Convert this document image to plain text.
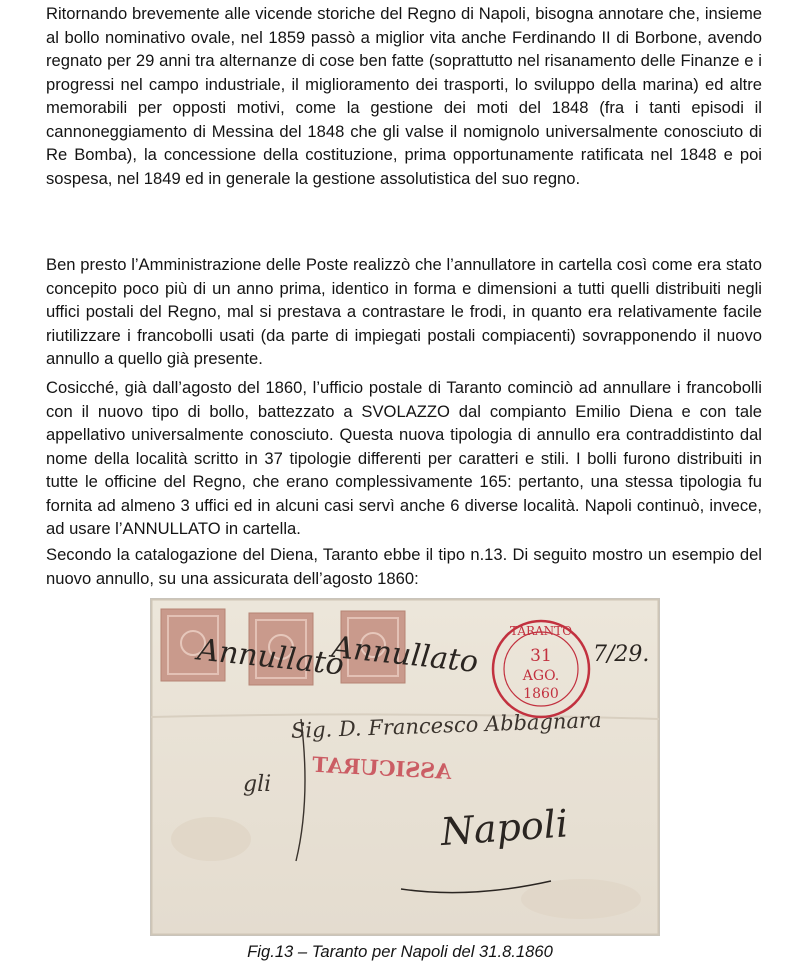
Ritornando brevemente alle vicende storiche del Regno di Napoli, bisogna annotare che, insieme al bollo nominativo ovale, nel 1859 passò a miglior vita anche Ferdinando II di Borbone, avendo regnato per 29 anni tra alternanze di cose ben fatte (soprattutto nel risanamento delle Finanze e i progressi nel campo industriale, il miglioramento dei trasporti, lo sviluppo della marina) ed altre memorabili per opposti motivi, come la gestione dei moti del 1848 (fra i tanti episodi il cannoneggiamento di Messina del 1848 che gli valse il nomignolo universalmente conosciuto di Re Bomba), la concessione della costituzione, prima opportunamente ratificata nel 1848 e poi sospesa, nel 1849 ed in generale la gestione assolutistica del suo regno.

Ben presto l’Amministrazione delle Poste realizzò che l’annullatore in cartella così come era stato concepito poco più di un anno prima, identico in forma e dimensioni a tutti quelli distribuiti negli uffici postali del Regno, mal si prestava a contrastare le frodi, in quanto era relativamente facile riutilizzare i francobolli usati (da parte di impiegati postali compiacenti) sovrapponendo il nuovo annullo a quello già presente.

Cosicché, già dall’agosto del 1860, l’ufficio postale di Taranto cominciò ad annullare i francobolli con il nuovo tipo di bollo, battezzato a SVOLAZZO dal compianto Emilio Diena e con tale appellativo universalmente conosciuto. Questa nuova tipologia di annullo era contraddistinto dal nome della località scritto in 37 tipologie differenti per caratteri e stili. I bolli furono distribuiti in tutte le officine del Regno, che erano complessivamente 165: pertanto, una stessa tipologia fu fornita ad almeno 3 uffici ed in alcuni casi servì anche 6 diverse località. Napoli continuò, invece, ad usare l’ANNULLATO in cartella.

Secondo la catalogazione del Diena, Taranto ebbe il tipo n.13. Di seguito mostro un esempio del nuovo annullo, su una assicurata dell’agosto 1860:

Annullato
Annullato	TARANTO
31
AGO.
1860
7/29.
Sig. D. Francesco Abbagnara
gli
ASSICURAT
Napoli

Fig.13 – Taranto per Napoli del 31.8.1860
